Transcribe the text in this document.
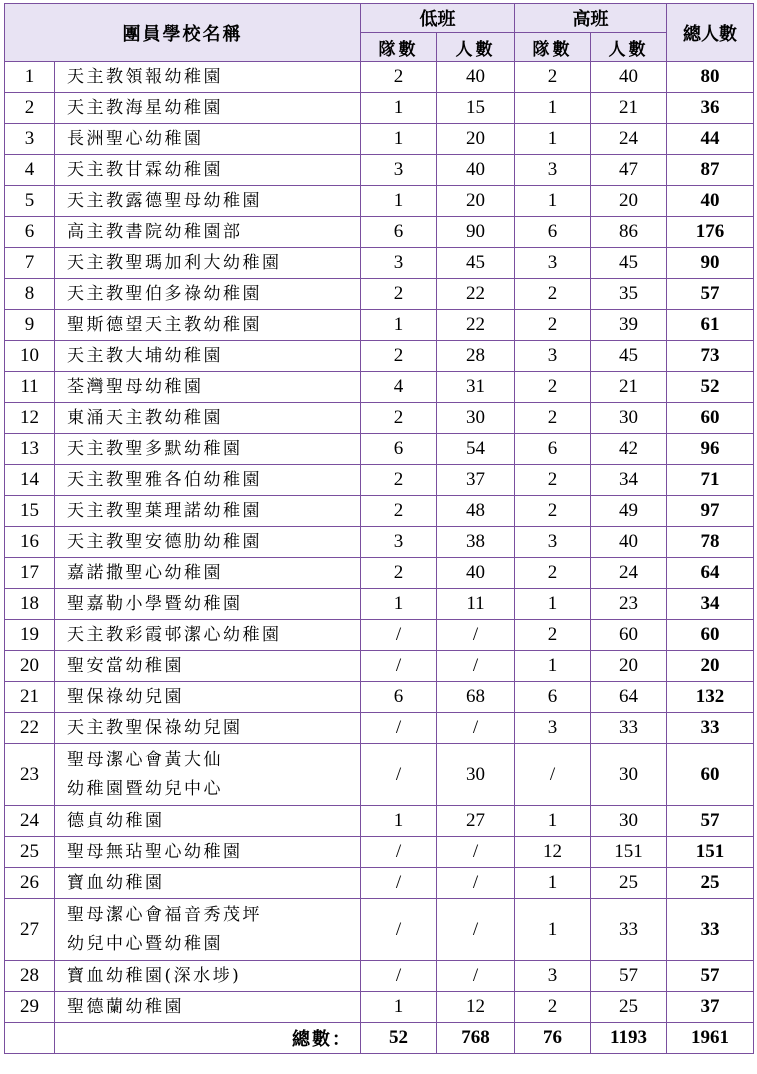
團員學校名稱		低班		高班		總人數
		隊數	人數	隊數	人數	
1	天主教領報幼稚園	2	40	2	40	80
2	天主教海星幼稚園	1	15	1	21	36
3	長洲聖心幼稚園	1	20	1	24	44
4	天主教甘霖幼稚園	3	40	3	47	87
5	天主教露德聖母幼稚園	1	20	1	20	40
6	高主教書院幼稚園部	6	90	6	86	176
7	天主教聖瑪加利大幼稚園	3	45	3	45	90
8	天主教聖伯多祿幼稚園	2	22	2	35	57
9	聖斯德望天主教幼稚園	1	22	2	39	61
10	天主教大埔幼稚園	2	28	3	45	73
11	荃灣聖母幼稚園	4	31	2	21	52
12	東涌天主教幼稚園	2	30	2	30	60
13	天主教聖多默幼稚園	6	54	6	42	96
14	天主教聖雅各伯幼稚園	2	37	2	34	71
15	天主教聖葉理諾幼稚園	2	48	2	49	97
16	天主教聖安德肋幼稚園	3	38	3	40	78
17	嘉諾撒聖心幼稚園	2	40	2	24	64
18	聖嘉勒小學暨幼稚園	1	11	1	23	34
19	天主教彩霞邨潔心幼稚園	/	/	2	60	60
20	聖安當幼稚園	/	/	1	20	20
21	聖保祿幼兒園	6	68	6	64	132
22	天主教聖保祿幼兒園	/	/	3	33	33
23	聖母潔心會黃大仙
幼稚園暨幼兒中心	/	30	/	30	60
24	德貞幼稚園	1	27	1	30	57
25	聖母無玷聖心幼稚園	/	/	12	151	151
26	寶血幼稚園	/	/	1	25	25
27	聖母潔心會福音秀茂坪
幼兒中心暨幼稚園	/	/	1	33	33
28	寶血幼稚園(深水埗)	/	/	3	57	57
29	聖德蘭幼稚園	1	12	2	25	37
	總數：	52	768	76	1193	1961
